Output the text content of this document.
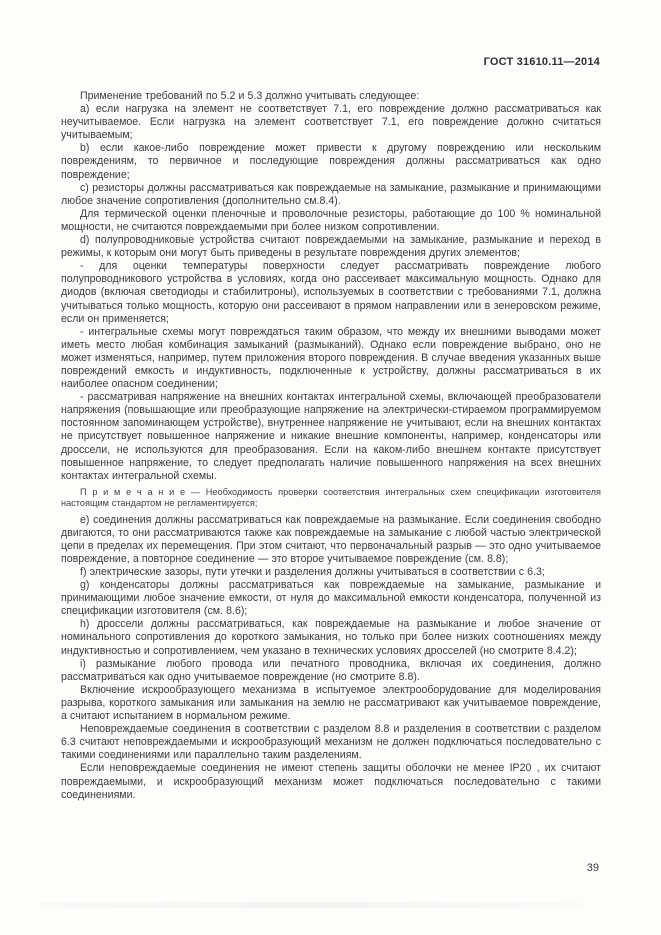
ГОСТ 31610.11—2014

Применение требований по 5.2 и 5.3 должно учитывать следующее:

a) если нагрузка на элемент не соответствует 7.1, его повреждение должно рассматриваться как неучитываемое. Если нагрузка на элемент соответствует 7.1, его повреждение должно считаться учитываемым;

b) если какое-либо повреждение может привести к другому повреждению или нескольким повреждениям, то первичное и последующие повреждения должны рассматриваться как одно повреждение;

c) резисторы должны рассматриваться как повреждаемые на замыкание, размыкание и принимающими любое значение сопротивления (дополнительно см.8.4).

Для термической оценки пленочные и проволочные резисторы, работающие до 100 % номинальной мощности, не считаются повреждаемыми при более низком сопротивлении.

d) полупроводниковые устройства считают повреждаемыми на замыкание, размыкание и переход в режимы, к которым они могут быть приведены в результате повреждения других элементов;

- для оценки температуры поверхности следует рассматривать повреждение любого полупроводникового устройства в условиях, когда оно рассеивает максимальную мощность. Однако для диодов (включая светодиоды и стабилитроны), используемых в соответствии с требованиями 7.1, должна учитываться только мощность, которую они рассеивают в прямом направлении или в зенеровском режиме, если он применяется;

- интегральные схемы могут повреждаться таким образом, что между их внешними выводами может иметь место любая комбинация замыканий (размыканий). Однако если повреждение выбрано, оно не может изменяться, например, путем приложения второго повреждения. В случае введения указанных выше повреждений емкость и индуктивность, подключенные к устройству, должны рассматриваться в их наиболее опасном соединении;

- рассматривая напряжение на внешних контактах интегральной схемы, включающей преобразователи напряжения (повышающие или преобразующие напряжение на электрически-стираемом программируемом постоянном запоминающем устройстве), внутреннее напряжение не учитывают, если на внешних контактах не присутствует повышенное напряжение и никакие внешние компоненты, например, конденсаторы или дроссели, не используются для преобразования. Если на каком-либо внешнем контакте присутствует повышенное напряжение, то следует предполагать наличие повышенного напряжения на всех внешних контактах интегральной схемы.

П р и м е ч а н и е — Необходимость проверки соответствия интегральных схем спецификации изготовителя настоящим стандартом не регламентируется;

e) соединения должны рассматриваться как повреждаемые на размыкание. Если соединения свободно двигаются, то они рассматриваются также как повреждаемые на замыкание с любой частью электрической цепи в пределах их перемещения. При этом считают, что первоначальный разрыв — это одно учитываемое повреждение, а повторное соединение — это второе учитываемое повреждение (см. 8.8);

f) электрические зазоры, пути утечки и разделения должны учитываться в соответствии с 6.3;

g) конденсаторы должны рассматриваться как повреждаемые на замыкание, размыкание и принимающими любое значение емкости, от нуля до максимальной емкости конденсатора, полученной из спецификации изготовителя (см. 8.6);

h) дроссели должны рассматриваться, как повреждаемые на размыкание и любое значение от номинального сопротивления до короткого замыкания, но только при более низких соотношениях между индуктивностью и сопротивлением, чем указано в технических условиях дросселей (но смотрите 8.4.2);

i) размыкание любого провода или печатного проводника, включая их соединения, должно рассматриваться как одно учитываемое повреждение (но смотрите 8.8).

Включение искрообразующего механизма в испытуемое электрооборудование для моделирования разрыва, короткого замыкания или замыкания на землю не рассматривают как учитываемое повреждение, а считают испытанием в нормальном режиме.

Неповреждаемые соединения в соответствии с разделом 8.8 и разделения в соответствии с разделом 6.3 считают неповреждаемыми и искрообразующий механизм не должен подключаться последовательно с такими соединениями или параллельно таким разделениям.

Если неповреждаемые соединения не имеют степень защиты оболочки не менее IP20 , их считают повреждаемыми, и искрообразующий механизм может подключаться последовательно с такими соединениями.

39
